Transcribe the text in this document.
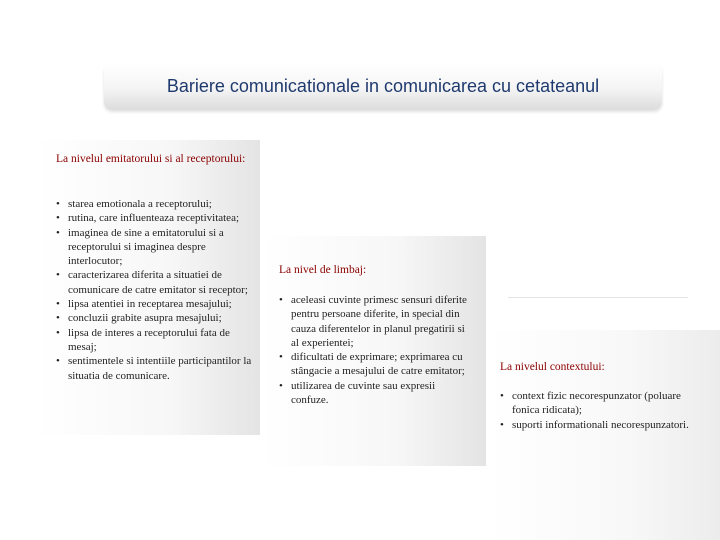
Bariere comunicationale in comunicarea cu cetateanul
La nivelul emitatorului si al receptorului:
• starea emotionala a receptorului;
• rutina, care influenteaza receptivitatea;
• imaginea de sine a emitatorului si a receptorului si imaginea despre interlocutor;
• caracterizarea diferita a situatiei de comunicare de catre emitator si receptor;
• lipsa atentiei in receptarea mesajului;
• concluzii grabite asupra mesajului;
• lipsa de interes a receptorului fata de mesaj;
• sentimentele si intentiile participantilor la situatia de comunicare.
La nivel de limbaj:
• aceleasi cuvinte primesc sensuri diferite pentru persoane diferite, in special din cauza diferentelor in planul pregatirii si al experientei;
• dificultati de exprimare; exprimarea cu stângacie a mesajului de catre emitator;
• utilizarea de cuvinte sau expresii confuze.
La nivelul contextului:
• context fizic necorespunzator (poluare fonica ridicata);
• suporti informationali necorespunzatori.
